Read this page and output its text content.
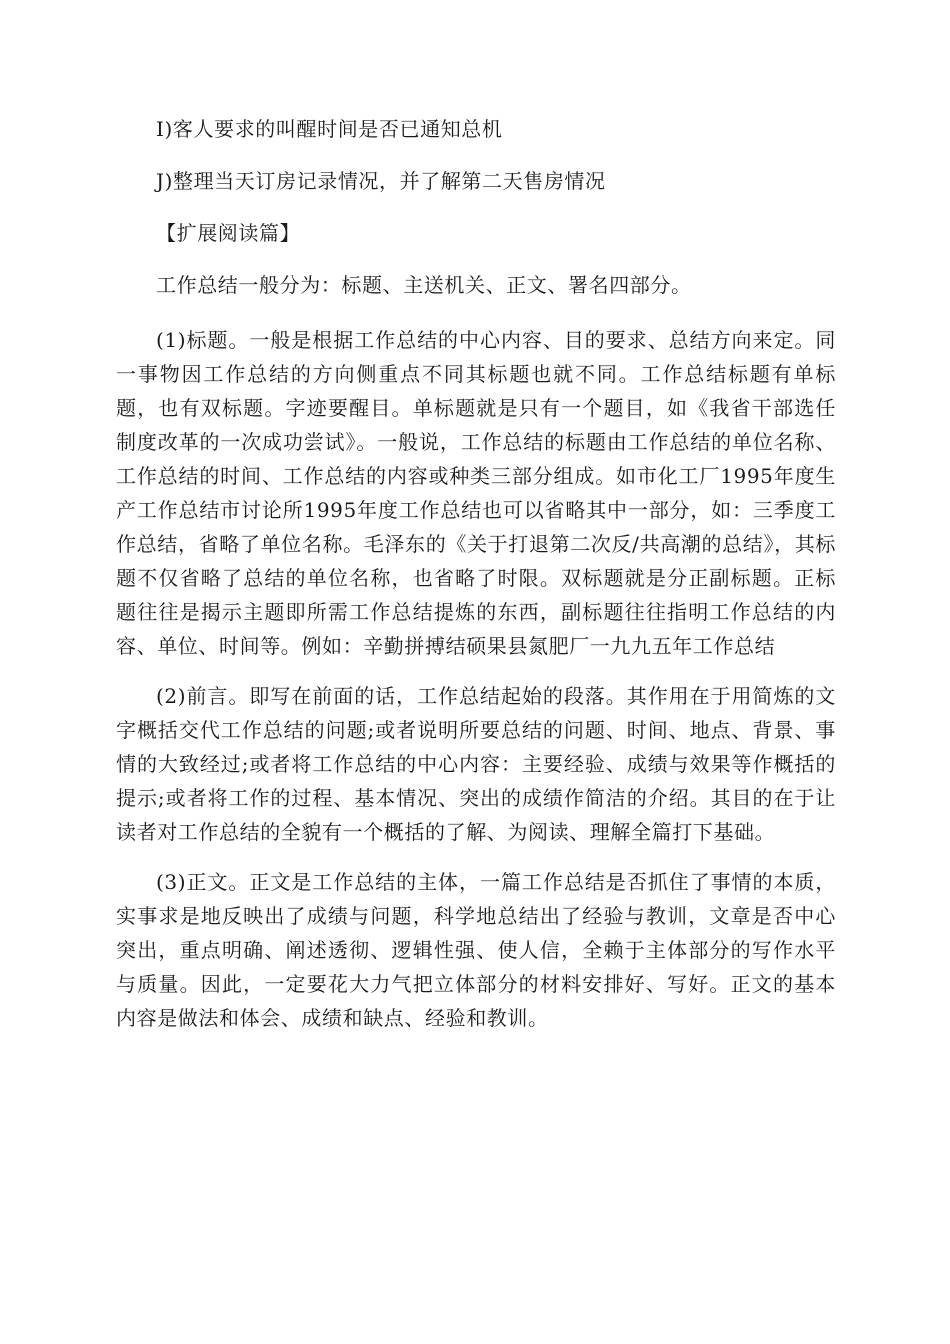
I)客人要求的叫醒时间是否已通知总机

J)整理当天订房记录情况，并了解第二天售房情况

【扩展阅读篇】

工作总结一般分为：标题、主送机关、正文、署名四部分。

(1)标题。一般是根据工作总结的中心内容、目的要求、总结方向来定。同一事物因工作总结的方向侧重点不同其标题也就不同。工作总结标题有单标题，也有双标题。字迹要醒目。单标题就是只有一个题目，如《我省干部选任制度改革的一次成功尝试》。一般说，工作总结的标题由工作总结的单位名称、工作总结的时间、工作总结的内容或种类三部分组成。如市化工厂1995年度生产工作总结市讨论所1995年度工作总结也可以省略其中一部分，如：三季度工作总结，省略了单位名称。毛泽东的《关于打退第二次反/共高潮的总结》，其标题不仅省略了总结的单位名称，也省略了时限。双标题就是分正副标题。正标题往往是揭示主题即所需工作总结提炼的东西，副标题往往指明工作总结的内容、单位、时间等。例如：辛勤拼搏结硕果县氮肥厂一九九五年工作总结

(2)前言。即写在前面的话，工作总结起始的段落。其作用在于用简炼的文字概括交代工作总结的问题;或者说明所要总结的问题、时间、地点、背景、事情的大致经过;或者将工作总结的中心内容：主要经验、成绩与效果等作概括的提示;或者将工作的过程、基本情况、突出的成绩作简洁的介绍。其目的在于让读者对工作总结的全貌有一个概括的了解、为阅读、理解全篇打下基础。

(3)正文。正文是工作总结的主体，一篇工作总结是否抓住了事情的本质，实事求是地反映出了成绩与问题，科学地总结出了经验与教训，文章是否中心突出，重点明确、阐述透彻、逻辑性强、使人信，全赖于主体部分的写作水平与质量。因此，一定要花大力气把立体部分的材料安排好、写好。正文的基本内容是做法和体会、成绩和缺点、经验和教训。
